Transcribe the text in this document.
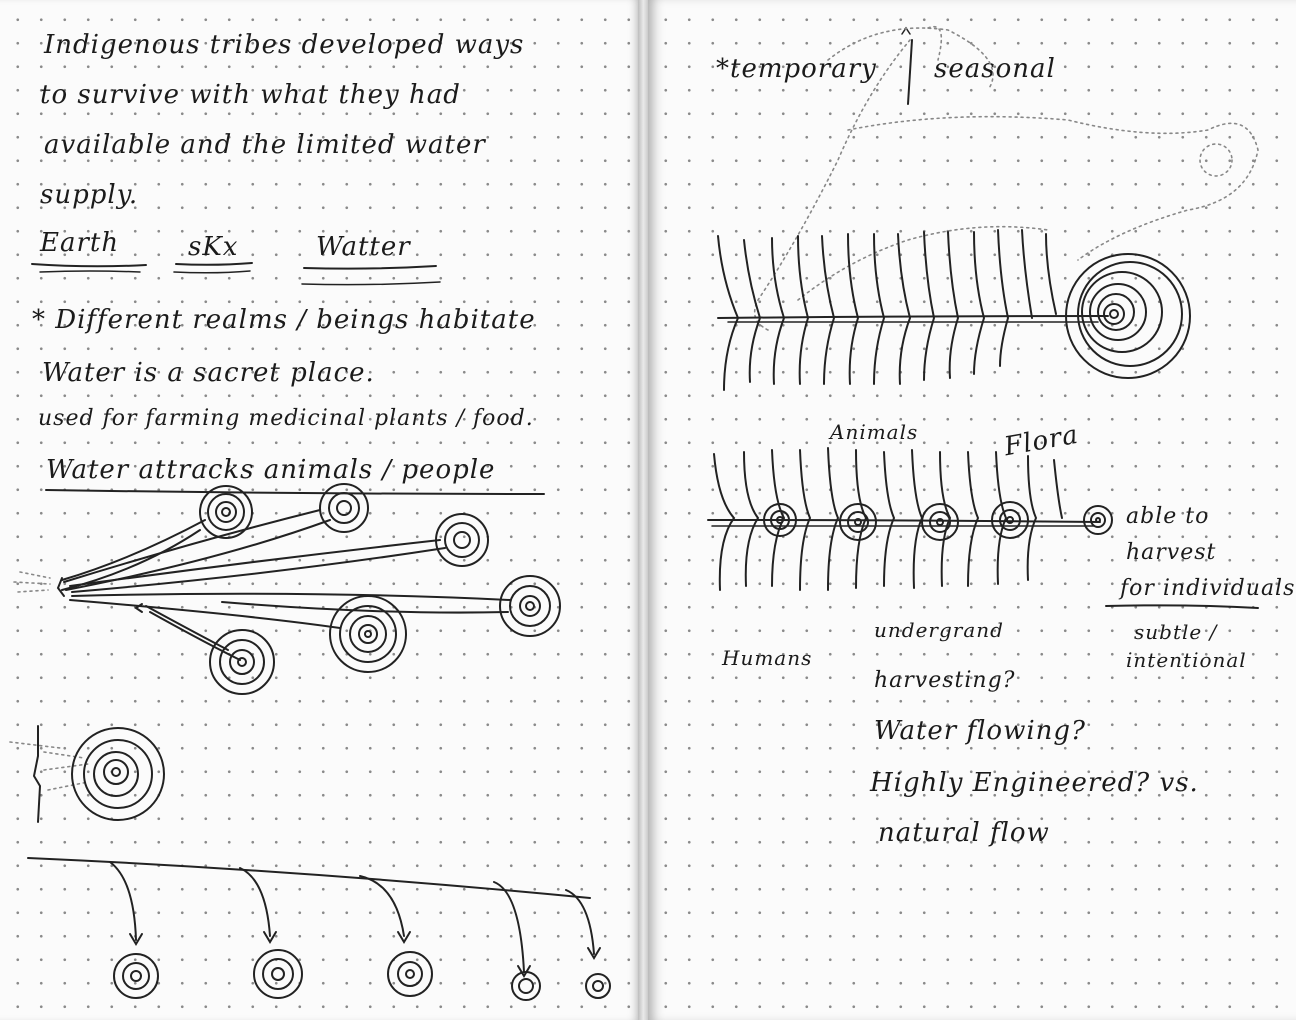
Indigenous tribes developed ways
to survive with what they had
available and the limited water
supply.
Earth	sKx	Watter
* Different realms / beings habitate
Water is a sacret place.
used for farming medicinal plants / food.
Water attracks animals / people
*temporary seasonal
Animals	Flora
able to
harvest
for individuals
subtle /
intentional
Humans
undergrand
harvesting?
Water flowing?
Highly Engineered? vs.
natural flow
